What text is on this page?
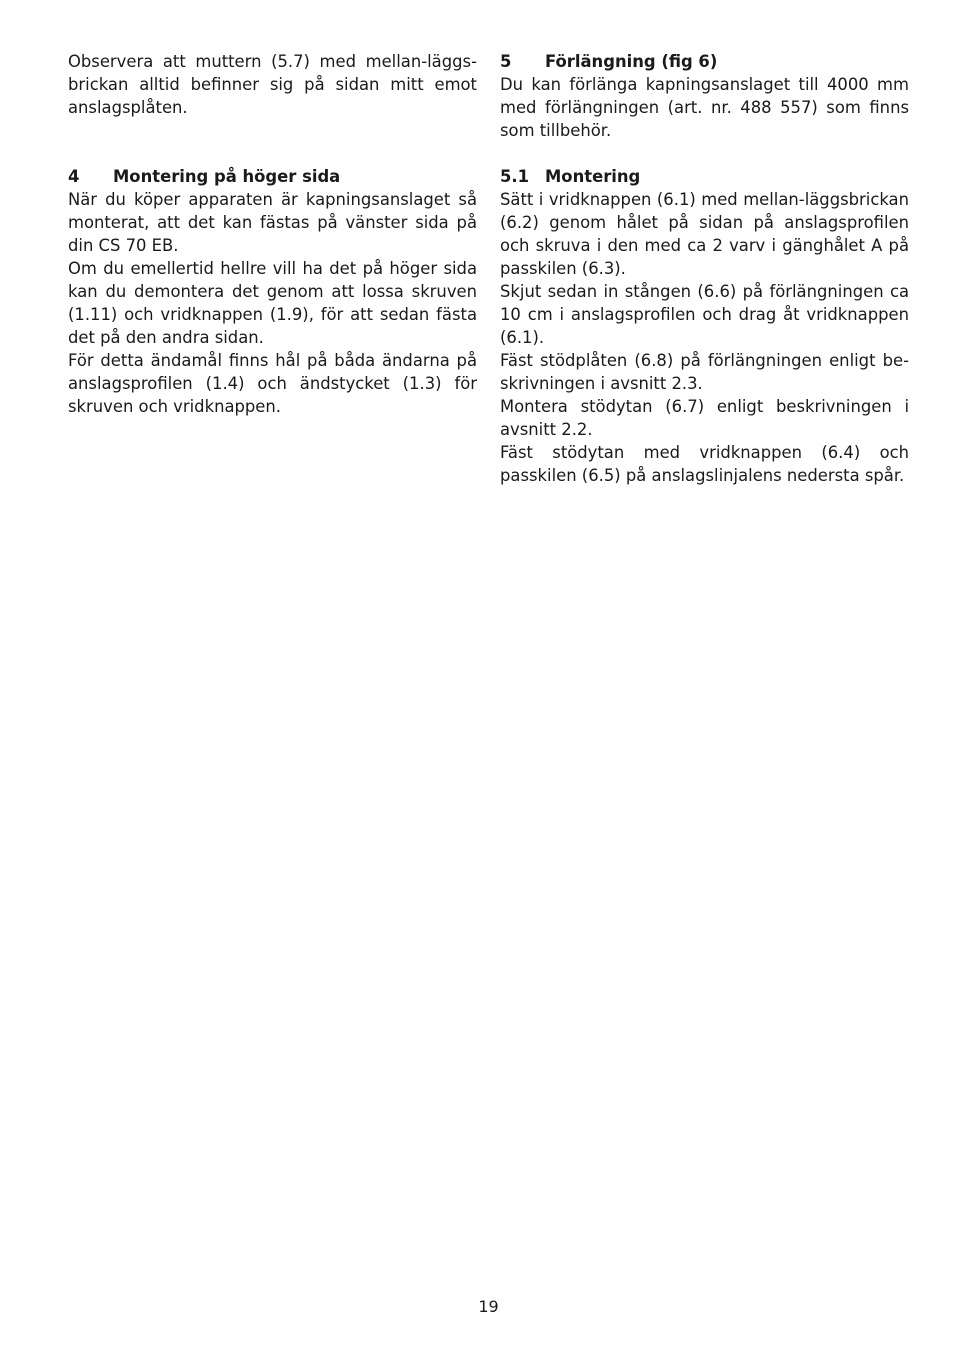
Observera att muttern (5.7) med mellan-läggs-brickan alltid befinner sig på sidan mitt emot anslagsplåten.

4	Montering på höger sida

När du köper apparaten är kapningsanslaget så monterat, att det kan fästas på vänster sida på din CS 70 EB.

Om du emellertid hellre vill ha det på höger sida kan du demontera det genom att lossa skruven (1.11) och vridknappen (1.9), för att sedan fästa det på den andra sidan.

För detta ändamål finns hål på båda ändarna på anslagsprofilen (1.4) och ändstycket (1.3) för skruven och vridknappen.

5	Förlängning (fig 6)

Du kan förlänga kapningsanslaget till 4000 mm med förlängningen (art. nr. 488 557) som finns som tillbehör.

5.1 Montering

Sätt i vridknappen (6.1) med mellan-läggsbrickan (6.2) genom hålet på sidan på anslagsprofilen och skruva i den med ca 2 varv i gänghålet A på passkilen (6.3).

Skjut sedan in stången (6.6) på förlängningen ca 10 cm i anslagsprofilen och drag åt vridknappen (6.1).

Fäst stödplåten (6.8) på förlängningen enligt be-skrivningen i avsnitt 2.3.

Montera stödytan (6.7) enligt beskrivningen i avsnitt 2.2.

Fäst stödytan med vridknappen (6.4) och passkilen (6.5) på anslagslinjalens nedersta spår.

19
